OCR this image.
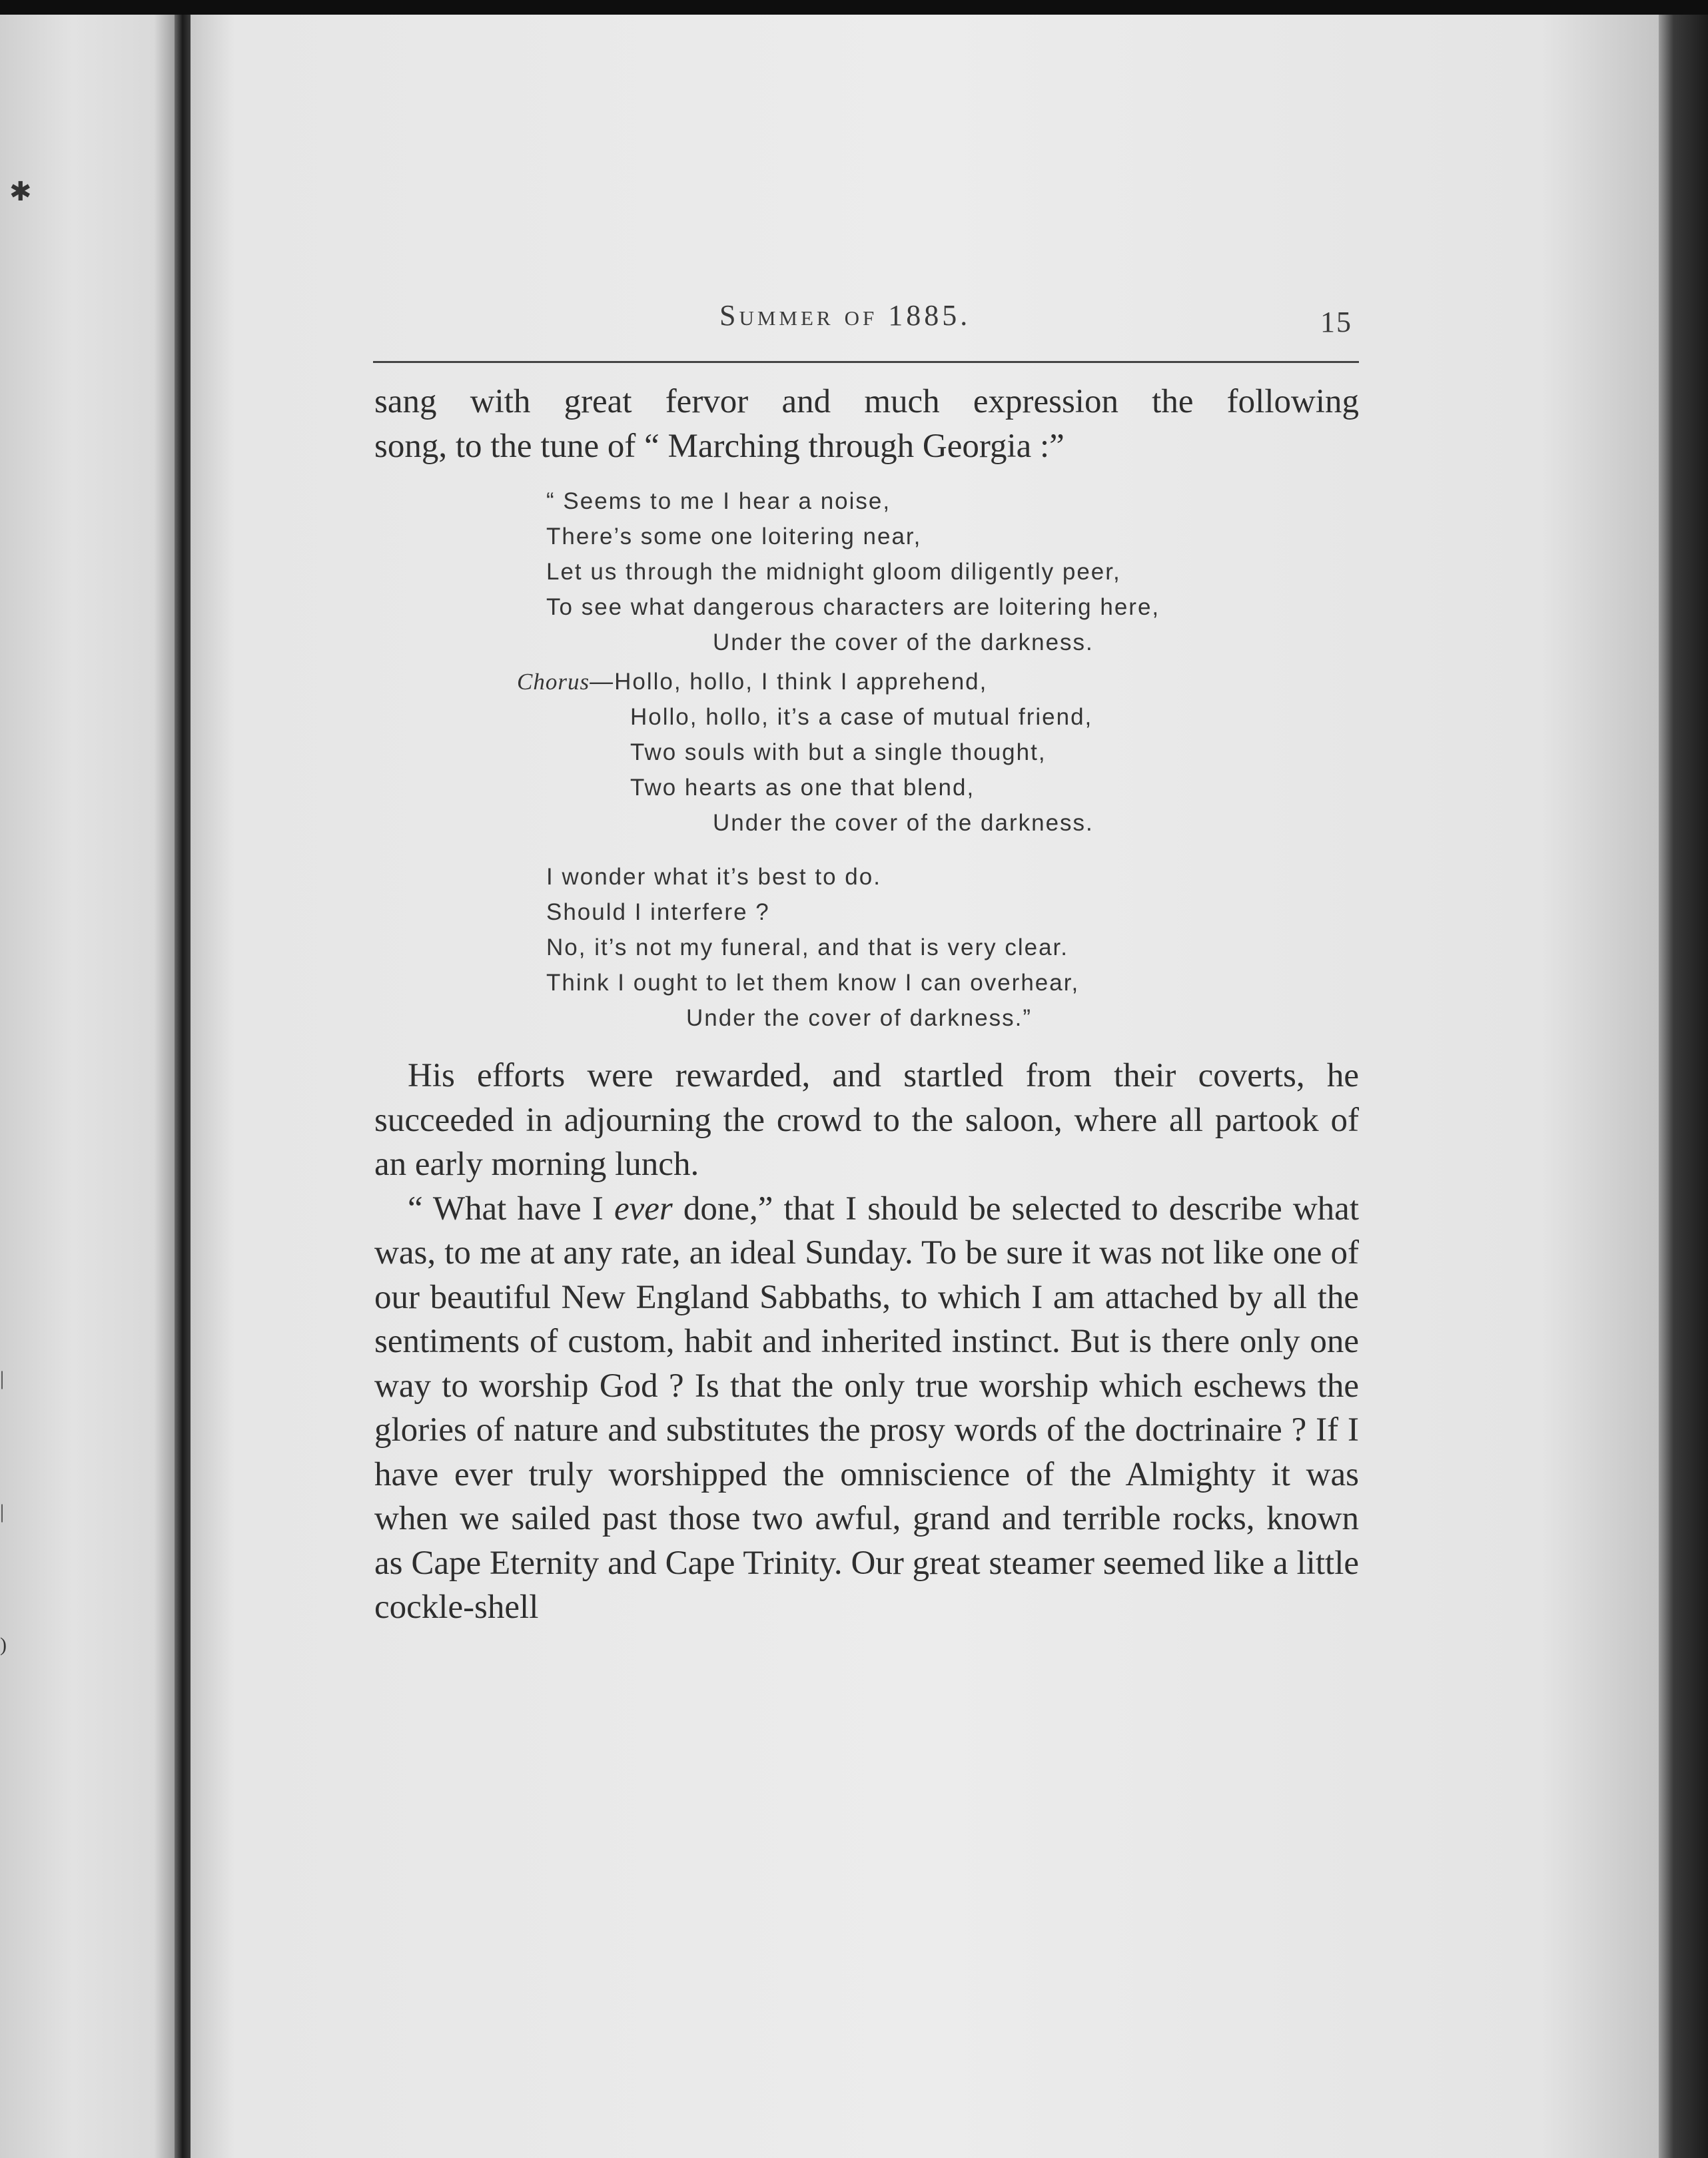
✱
|
|
)
Summer of 1885.	15

sang with great fervor and much expression the following

song, to the tune of “ Marching through Georgia :”

“ Seems to me I hear a noise,
There’s some one loitering near,
Let us through the midnight gloom diligently peer,
To see what dangerous characters are loitering here,
Under the cover of the darkness.
Chorus—Hollo, hollo, I think I apprehend,
Hollo, hollo, it’s a case of mutual friend,
Two souls with but a single thought,
Two hearts as one that blend,
Under the cover of the darkness.
I wonder what it’s best to do.
Should I interfere ?
No, it’s not my funeral, and that is very clear.
Think I ought to let them know I can overhear,
Under the cover of darkness.”

His efforts were rewarded, and startled from their coverts, he succeeded in adjourning the crowd to the saloon, where all partook of an early morning lunch.

“ What have I ever done,” that I should be selected to describe what was, to me at any rate, an ideal Sunday. To be sure it was not like one of our beautiful New England Sabbaths, to which I am attached by all the sentiments of custom, habit and inherited instinct. But is there only one way to worship God ? Is that the only true worship which eschews the glories of nature and substitutes the prosy words of the doctrinaire ? If I have ever truly worshipped the omniscience of the Almighty it was when we sailed past those two awful, grand and terrible rocks, known as Cape Eternity and Cape Trinity. Our great steamer seemed like a little cockle-shell
